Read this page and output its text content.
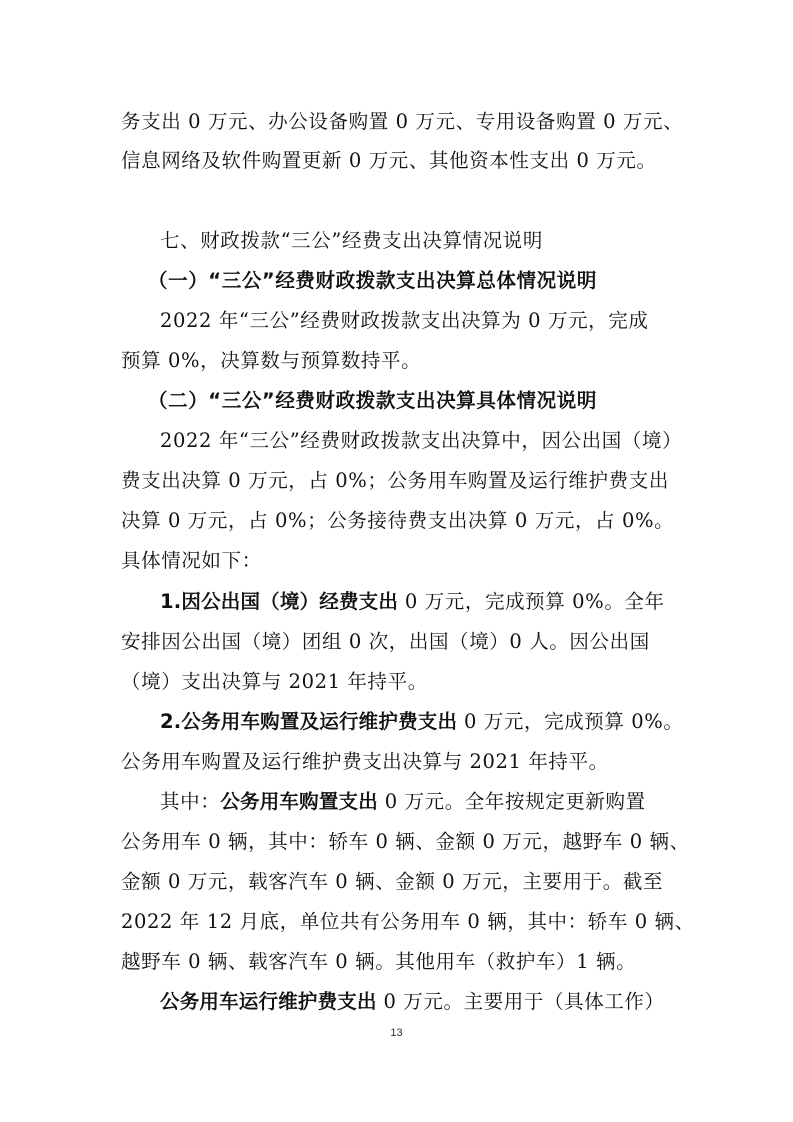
务支出 0 万元、办公设备购置 0 万元、专用设备购置 0 万元、
信息网络及软件购置更新 0 万元、其他资本性支出 0 万元。
七、财政拨款“三公”经费支出决算情况说明
（一）“三公”经费财政拨款支出决算总体情况说明
2022 年“三公”经费财政拨款支出决算为 0 万元，完成
预算 0%，决算数与预算数持平。
（二）“三公”经费财政拨款支出决算具体情况说明
2022 年“三公”经费财政拨款支出决算中，因公出国（境）
费支出决算 0 万元，占 0%；公务用车购置及运行维护费支出
决算 0 万元，占 0%；公务接待费支出决算 0 万元，占 0%。
具体情况如下：
1.因公出国（境）经费支出 0 万元，完成预算 0%。全年
安排因公出国（境）团组 0 次，出国（境）0 人。因公出国
（境）支出决算与 2021 年持平。
2.公务用车购置及运行维护费支出 0 万元，完成预算 0%。
公务用车购置及运行维护费支出决算与 2021 年持平。
其中：公务用车购置支出 0 万元。全年按规定更新购置
公务用车 0 辆，其中：轿车 0 辆、金额 0 万元，越野车 0 辆、
金额 0 万元，载客汽车 0 辆、金额 0 万元，主要用于。截至
2022 年 12 月底，单位共有公务用车 0 辆，其中：轿车 0 辆、
越野车 0 辆、载客汽车 0 辆。其他用车（救护车）1 辆。
公务用车运行维护费支出 0 万元。主要用于（具体工作）
13
